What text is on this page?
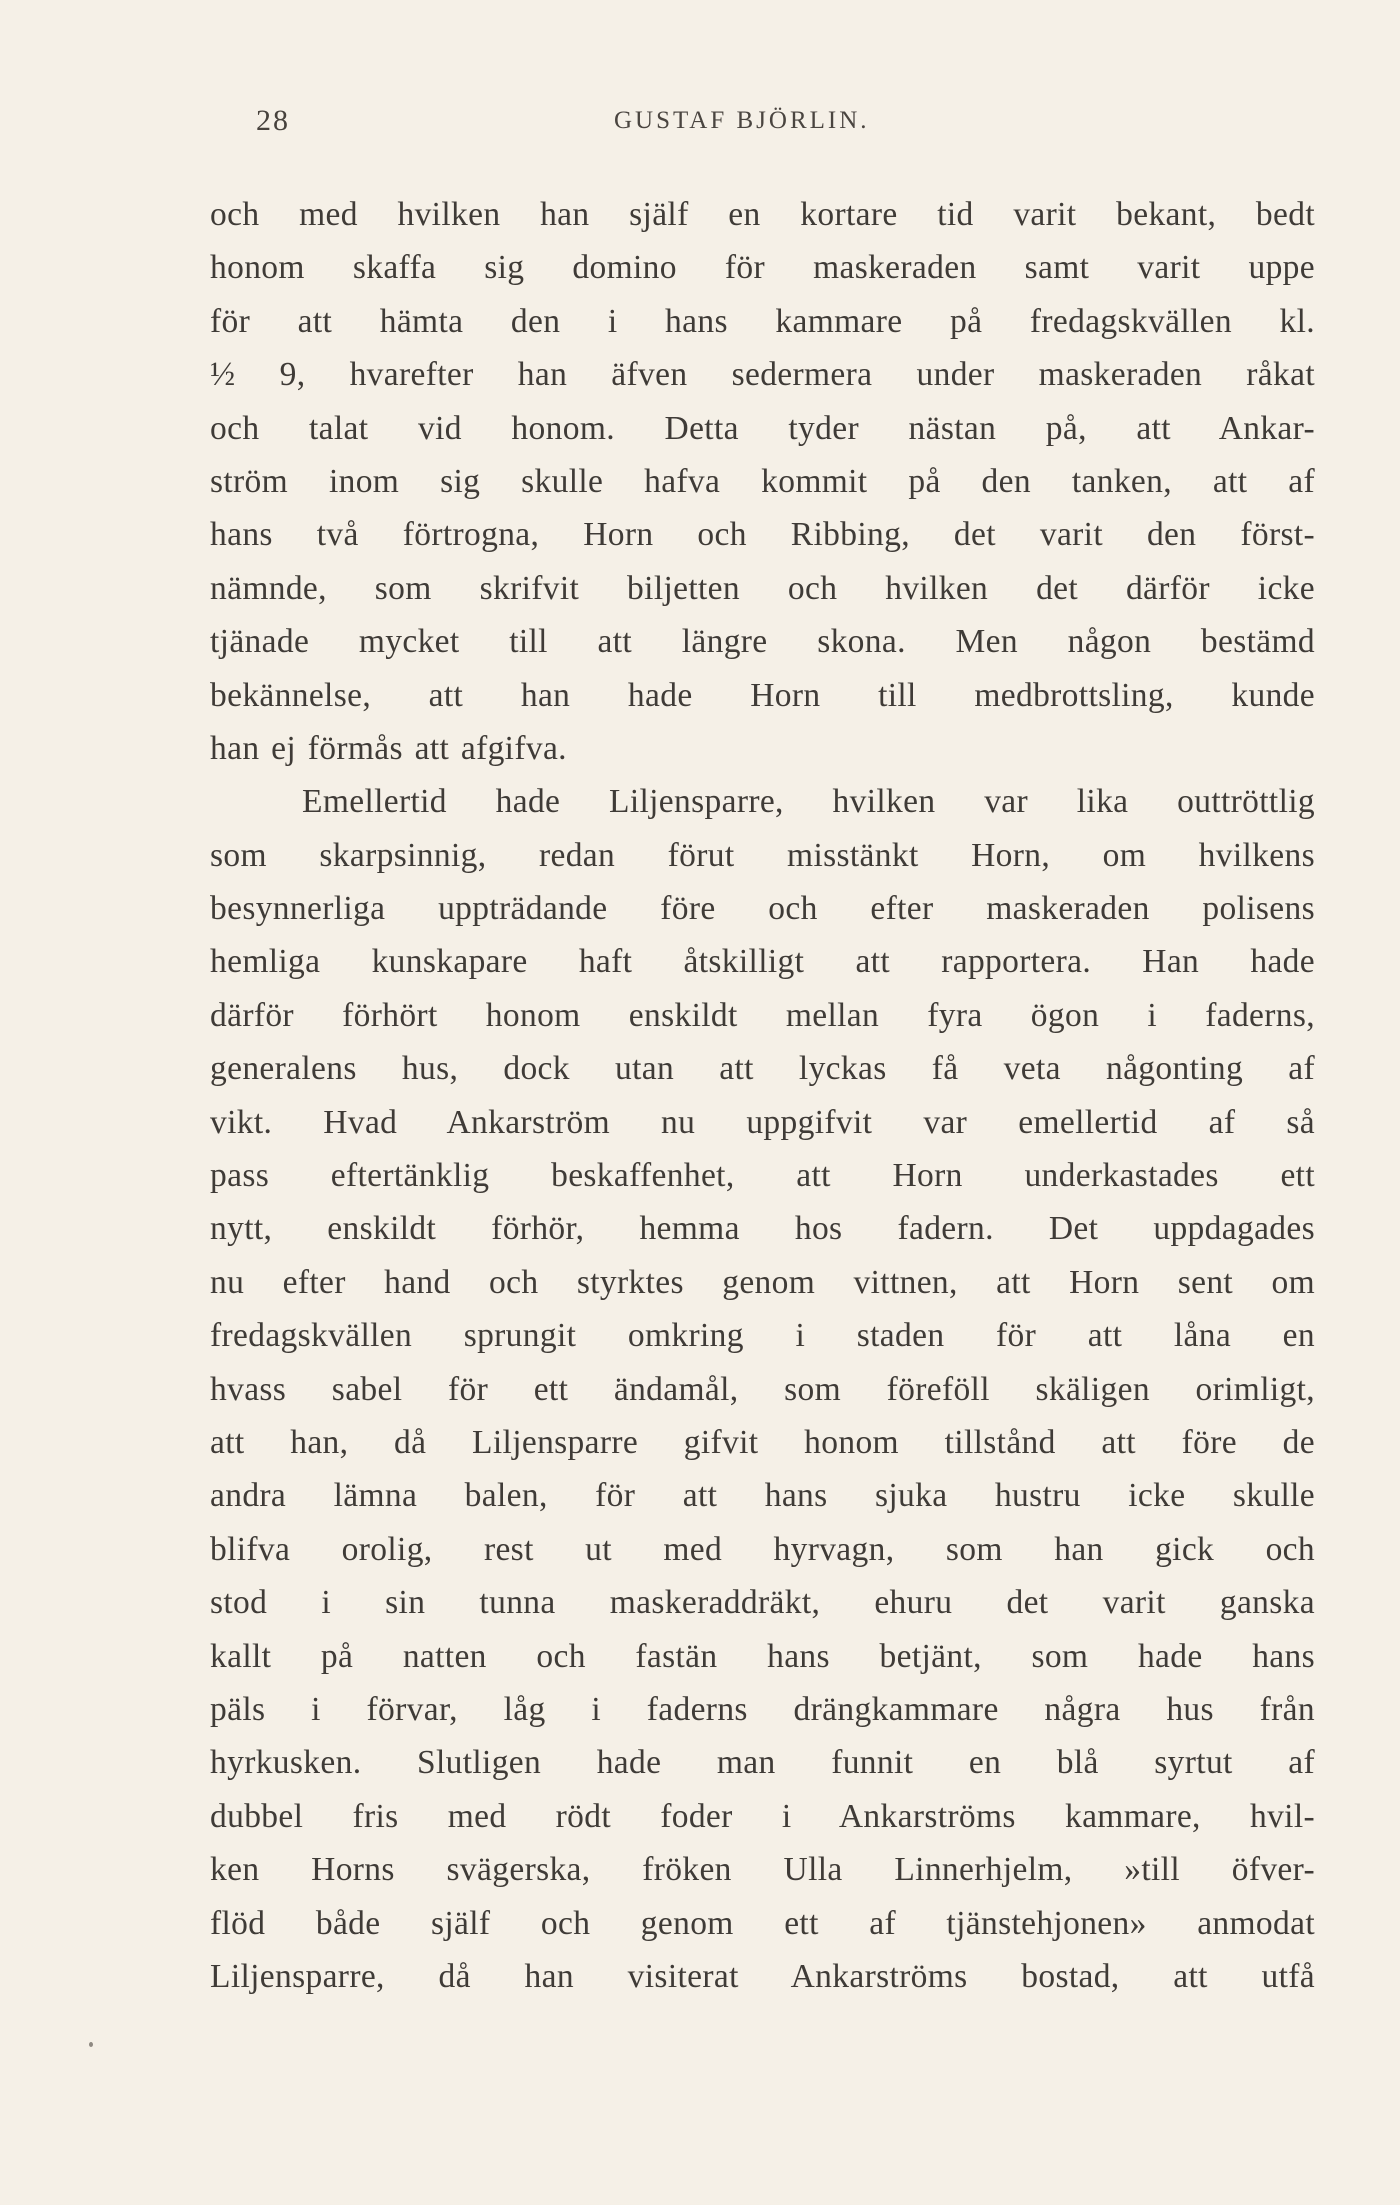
28	GUSTAF BJÖRLIN.
och med hvilken han själf en kortare tid varit bekant, bedt
honom skaffa sig domino för maskeraden samt varit uppe
för att hämta den i hans kammare på fredagskvällen kl.
½ 9, hvarefter han äfven sedermera under maskeraden råkat
och talat vid honom. Detta tyder nästan på, att Ankar-
ström inom sig skulle hafva kommit på den tanken, att af
hans två förtrogna, Horn och Ribbing, det varit den först-
nämnde, som skrifvit biljetten och hvilken det därför icke
tjänade mycket till att längre skona. Men någon bestämd
bekännelse, att han hade Horn till medbrottsling, kunde
han ej förmås att afgifva.
Emellertid hade Liljensparre, hvilken var lika outtröttlig
som skarpsinnig, redan förut misstänkt Horn, om hvilkens
besynnerliga uppträdande före och efter maskeraden polisens
hemliga kunskapare haft åtskilligt att rapportera. Han hade
därför förhört honom enskildt mellan fyra ögon i faderns,
generalens hus, dock utan att lyckas få veta någonting af
vikt. Hvad Ankarström nu uppgifvit var emellertid af så
pass eftertänklig beskaffenhet, att Horn underkastades ett
nytt, enskildt förhör, hemma hos fadern. Det uppdagades
nu efter hand och styrktes genom vittnen, att Horn sent om
fredagskvällen sprungit omkring i staden för att låna en
hvass sabel för ett ändamål, som föreföll skäligen orimligt,
att han, då Liljensparre gifvit honom tillstånd att före de
andra lämna balen, för att hans sjuka hustru icke skulle
blifva orolig, rest ut med hyrvagn, som han gick och
stod i sin tunna maskeraddräkt, ehuru det varit ganska
kallt på natten och fastän hans betjänt, som hade hans
päls i förvar, låg i faderns drängkammare några hus från
hyrkusken. Slutligen hade man funnit en blå syrtut af
dubbel fris med rödt foder i Ankarströms kammare, hvil-
ken Horns svägerska, fröken Ulla Linnerhjelm, »till öfver-
flöd både själf och genom ett af tjänstehjonen» anmodat
Liljensparre, då han visiterat Ankarströms bostad, att utfå
